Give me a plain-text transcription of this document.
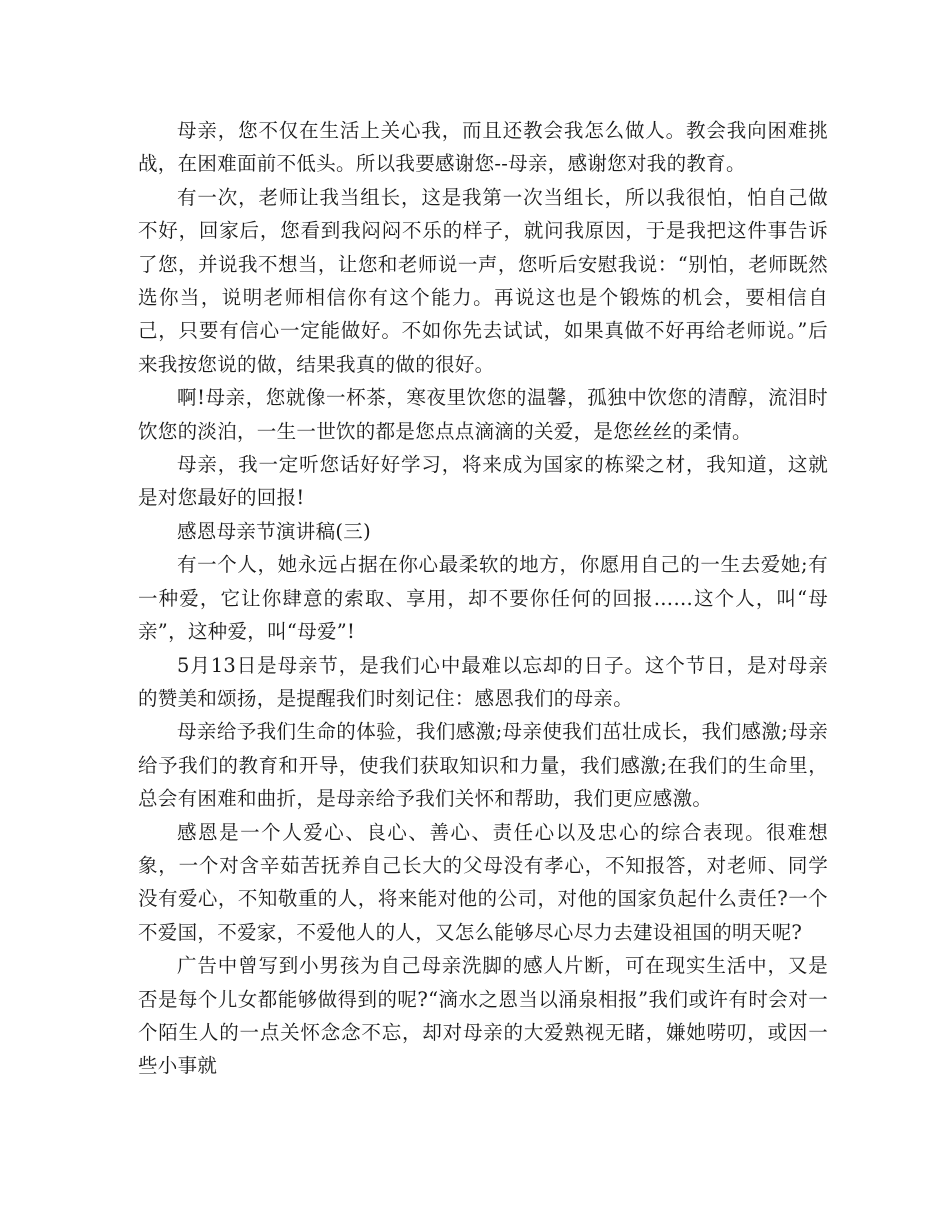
母亲，您不仅在生活上关心我，而且还教会我怎么做人。教会我向困难挑战，在困难面前不低头。所以我要感谢您--母亲，感谢您对我的教育。

有一次，老师让我当组长，这是我第一次当组长，所以我很怕，怕自己做不好，回家后，您看到我闷闷不乐的样子，就问我原因，于是我把这件事告诉了您，并说我不想当，让您和老师说一声，您听后安慰我说：“别怕，老师既然选你当，说明老师相信你有这个能力。再说这也是个锻炼的机会，要相信自己，只要有信心一定能做好。不如你先去试试，如果真做不好再给老师说。”后来我按您说的做，结果我真的做的很好。

啊!母亲，您就像一杯茶，寒夜里饮您的温馨，孤独中饮您的清醇，流泪时饮您的淡泊，一生一世饮的都是您点点滴滴的关爱，是您丝丝的柔情。

母亲，我一定听您话好好学习，将来成为国家的栋梁之材，我知道，这就是对您最好的回报!

感恩母亲节演讲稿(三)

有一个人，她永远占据在你心最柔软的地方，你愿用自己的一生去爱她;有一种爱，它让你肆意的索取、享用，却不要你任何的回报……这个人，叫“母亲”，这种爱，叫“母爱”!

5月13日是母亲节，是我们心中最难以忘却的日子。这个节日，是对母亲的赞美和颂扬，是提醒我们时刻记住：感恩我们的母亲。

母亲给予我们生命的体验，我们感激;母亲使我们茁壮成长，我们感激;母亲给予我们的教育和开导，使我们获取知识和力量，我们感激;在我们的生命里，总会有困难和曲折，是母亲给予我们关怀和帮助，我们更应感激。

感恩是一个人爱心、良心、善心、责任心以及忠心的综合表现。很难想象，一个对含辛茹苦抚养自己长大的父母没有孝心，不知报答，对老师、同学没有爱心，不知敬重的人，将来能对他的公司，对他的国家负起什么责任?一个不爱国，不爱家，不爱他人的人，又怎么能够尽心尽力去建设祖国的明天呢?

广告中曾写到小男孩为自己母亲洗脚的感人片断，可在现实生活中，又是否是每个儿女都能够做得到的呢?“滴水之恩当以涌泉相报”我们或许有时会对一个陌生人的一点关怀念念不忘，却对母亲的大爱熟视无睹，嫌她唠叨，或因一些小事就
